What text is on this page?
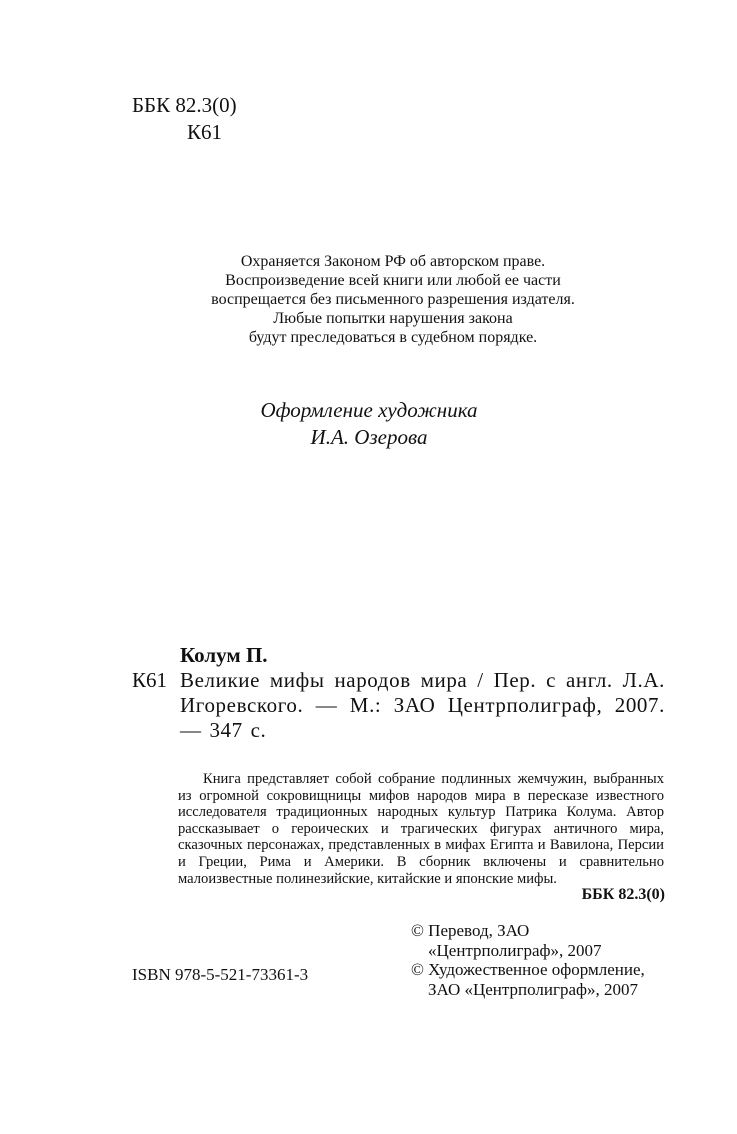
ББК 82.3(0)
К61
Охраняется Законом РФ об авторском праве.
Воспроизведение всей книги или любой ее части
воспрещается без письменного разрешения издателя.
Любые попытки нарушения закона
будут преследоваться в судебном порядке.
Оформление художника
И.А. Озерова
Колум П.
К61 Великие мифы народов мира / Пер. с англ. Л.А. Игоревского. — М.: ЗАО Центрполиграф, 2007. — 347 с.
Книга представляет собой собрание подлинных жемчужин, выбранных из огромной сокровищницы мифов народов мира в пересказе известного исследователя традиционных народных культур Патрика Колума. Автор рассказывает о героических и трагических фигурах античного мира, сказочных персонажах, представленных в мифах Египта и Вавилона, Персии и Греции, Рима и Америки. В сборник включены и сравнительно малоизвестные полинезийские, китайские и японские мифы.
ББК 82.3(0)
© Перевод, ЗАО
«Центрполиграф», 2007
© Художественное оформление,
ЗАО «Центрполиграф», 2007
ISBN 978-5-521-73361-3
